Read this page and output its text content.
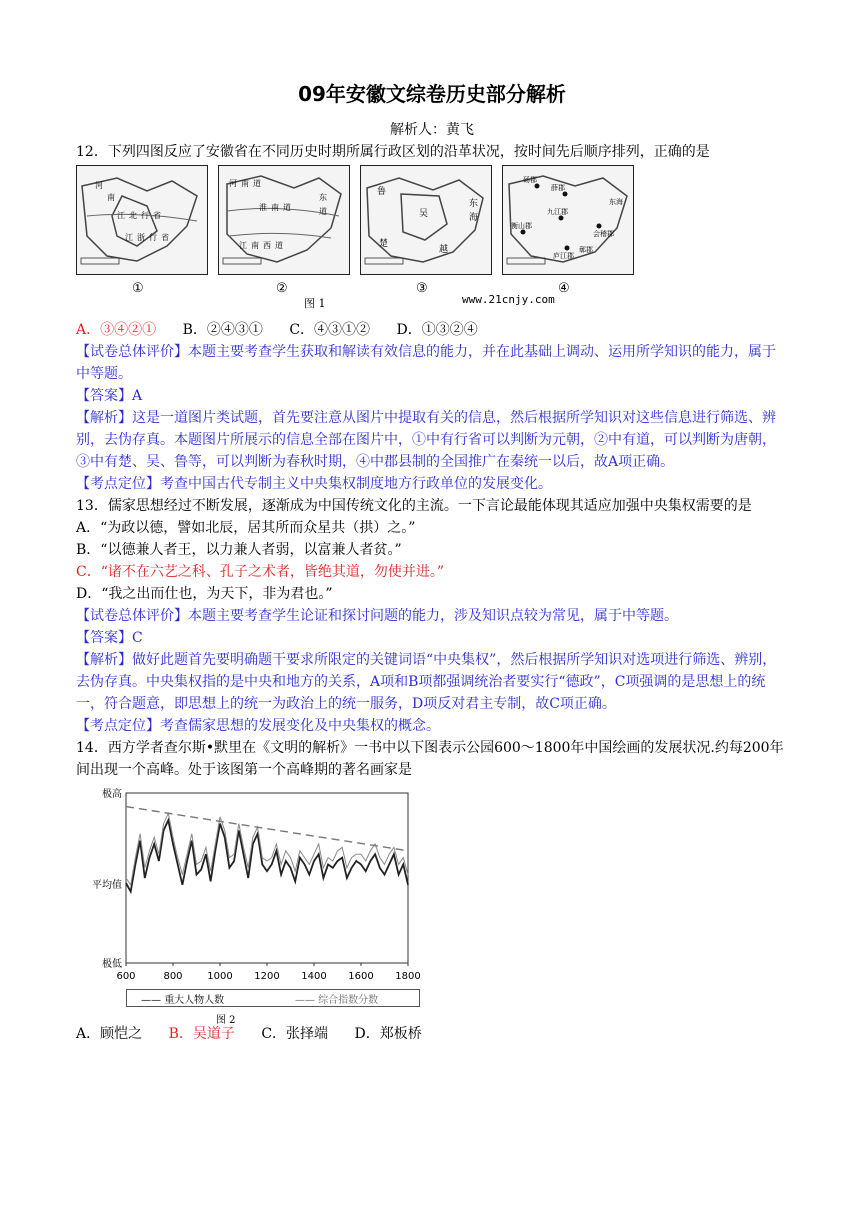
09年安徽文综卷历史部分解析
解析人：黄飞

12．下列四图反应了安徽省在不同历史时期所属行政区划的沿革状况，按时间先后顺序排列，正确的是

河
南
江 北 行 省
江 浙 行 省
河 南 道
淮 南 道
江 南 西 道
东
道
鲁
楚
吴
越
东
海
砀郡
薛郡
九江郡
会稽郡
东海
庐江郡
鄣郡
衡山郡
①	②	③	④
图 1	www.21cnjy.com

A．③④②① B．②④③① C．④③①② D．①③②④

【试卷总体评价】本题主要考查学生获取和解读有效信息的能力，并在此基础上调动、运用所学知识的能力，属于中等题。

【答案】A

【解析】这是一道图片类试题，首先要注意从图片中提取有关的信息，然后根据所学知识对这些信息进行筛选、辨别，去伪存真。本题图片所展示的信息全部在图片中，①中有行省可以判断为元朝，②中有道，可以判断为唐朝，③中有楚、吴、鲁等，可以判断为春秋时期，④中郡县制的全国推广在秦统一以后，故A项正确。

【考点定位】考查中国古代专制主义中央集权制度地方行政单位的发展变化。

13．儒家思想经过不断发展，逐渐成为中国传统文化的主流。一下言论最能体现其适应加强中央集权需要的是

A．“为政以德，譬如北辰，居其所而众星共（拱）之。”

B．“以德兼人者王，以力兼人者弱，以富兼人者贫。”

C．“诸不在六艺之科、孔子之术者，皆绝其道，勿使并进。”

D．“我之出而仕也，为天下，非为君也。”

【试卷总体评价】本题主要考查学生论证和探讨问题的能力，涉及知识点较为常见，属于中等题。

【答案】C

【解析】做好此题首先要明确题干要求所限定的关键词语“中央集权”，然后根据所学知识对选项进行筛选、辨别，去伪存真。中央集权指的是中央和地方的关系，A项和B项都强调统治者要实行“德政”，C项强调的是思想上的统一，符合题意，即思想上的统一为政治上的统一服务，D项反对君主专制，故C项正确。

【考点定位】考查儒家思想的发展变化及中央集权的概念。

14．西方学者查尔斯•默里在《文明的解析》一书中以下图表示公园600～1800年中国绘画的发展状况.约每200年间出现一个高峰。处于该图第一个高峰期的著名画家是

极高
平均值
极低
600	800 1000 1200 1400 1600 1800
—— 重大人物人数	—— 综合指数分数
图 2

A．顾恺之 B．吴道子 C．张择端 D．郑板桥
